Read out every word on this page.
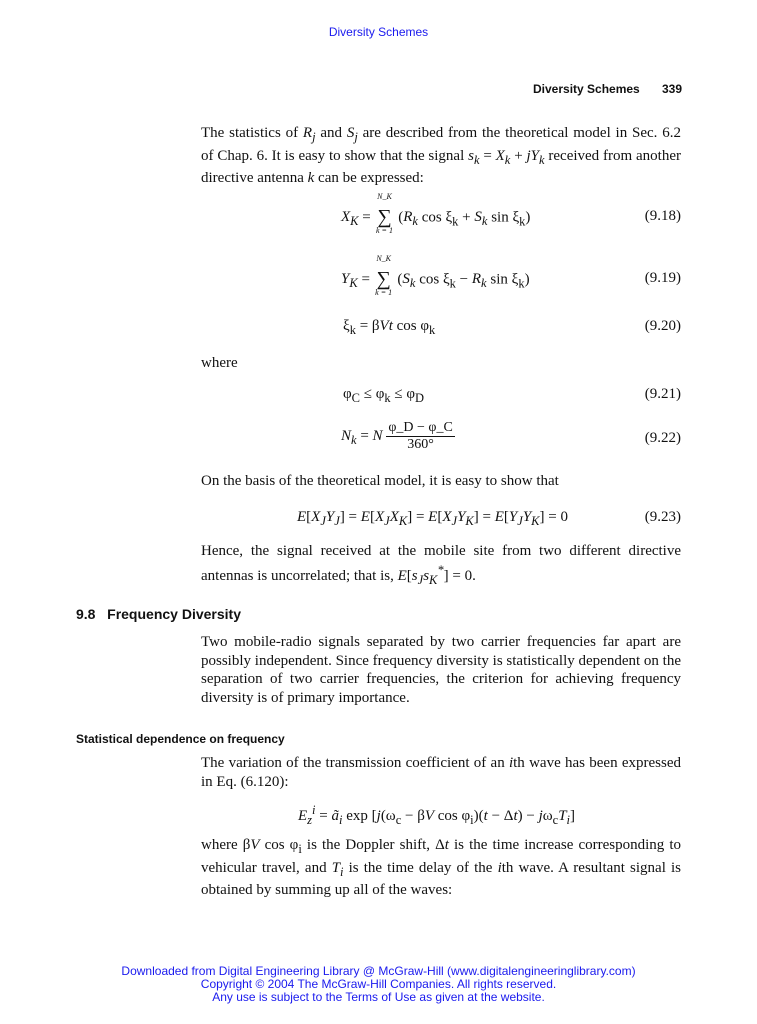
Diversity Schemes
Diversity Schemes 339

The statistics of $R_j$ and $S_j$ are described from the theoretical model in Sec. 6.2 of Chap. 6. It is easy to show that the signal $s_k = X_k + jY_k$ received from another directive antenna k can be expressed:

$X_K$ =
N_K
∑
k = 1
($R_k$ $\cos \xi_k + S_k$ $\sin \xi_k$)	(9.18)
$Y_K$ =
N_K
∑
k = 1
($S_k$ $\cos \xi_k - R_k$ $\sin \xi_k$)	(9.19)
$\xi_k = \beta Vt$ $\cos \varphi_k$	(9.20)
where
$\varphi_C \le \varphi_k \le \varphi_D$	(9.21)
$N_k = N \frac{\varphi\_D - \varphi\_C}{360^\circ}$	(9.22)

On the basis of the theoretical model, it is easy to show that

$E[X_JY_J] = E[X_JX_K] = E[X_JY_K] = E[Y_JY_K] = 0$	(9.23)

Hence, the signal received at the mobile site from two different directive antennas is uncorrelated; that is, $E[s_Js_K^*] = 0$.

9.8 Frequency Diversity

Two mobile-radio signals separated by two carrier frequencies far apart are possibly independent. Since frequency diversity is statistically dependent on the separation of two carrier frequencies, the criterion for achieving frequency diversity is of primary importance.

Statistical dependence on frequency

The variation of the transmission coefficient of an ith wave has been expressed in Eq. (6.120):

$E_z^i$ = $ã_i$ $\exp [j(\omega_c - \beta V$ $\cos \varphi_i)(t - \Delta t) - j\omega_cT_i$]

where βV $\cos \varphi_i$ is the Doppler shift, Δt is the time increase corresponding to vehicular travel, and $T_i$ is the time delay of the ith wave. A resultant signal is obtained by summing up all of the waves:

Downloaded from Digital Engineering Library @ McGraw-Hill (www.digitalengineeringlibrary.com)
Copyright © 2004 The McGraw-Hill Companies. All rights reserved.
Any use is subject to the Terms of Use as given at the website.
